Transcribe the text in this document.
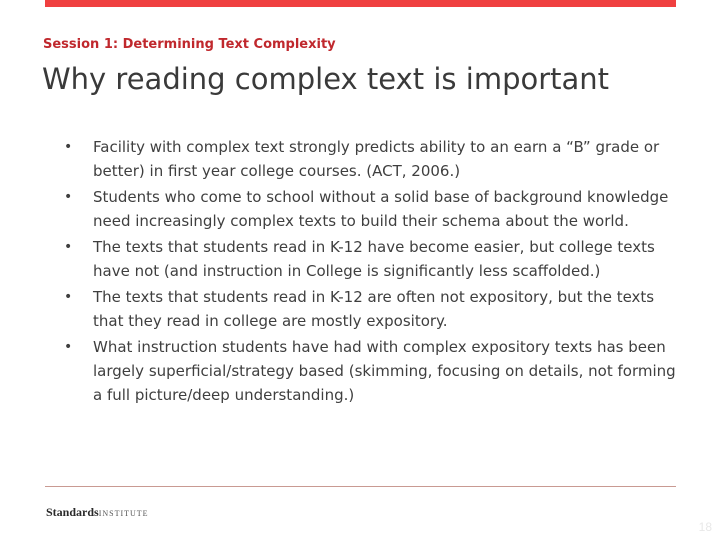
Session 1: Determining Text Complexity
Why reading complex text is important
• Facility with complex text strongly predicts ability to an earn a “B” grade or better) in first year college courses. (ACT, 2006.)
• Students who come to school without a solid base of background knowledge need increasingly complex texts to build their schema about the world.
• The texts that students read in K-12 have become easier, but college texts have not (and instruction in College is significantly less scaffolded.)
• The texts that students read in K-12 are often not expository, but the texts that they read in college are mostly expository.
• What instruction students have had with complex expository texts has been largely superficial/strategy based (skimming, focusing on details, not forming a full picture/deep understanding.)
StandardsINSTITUTE
18
